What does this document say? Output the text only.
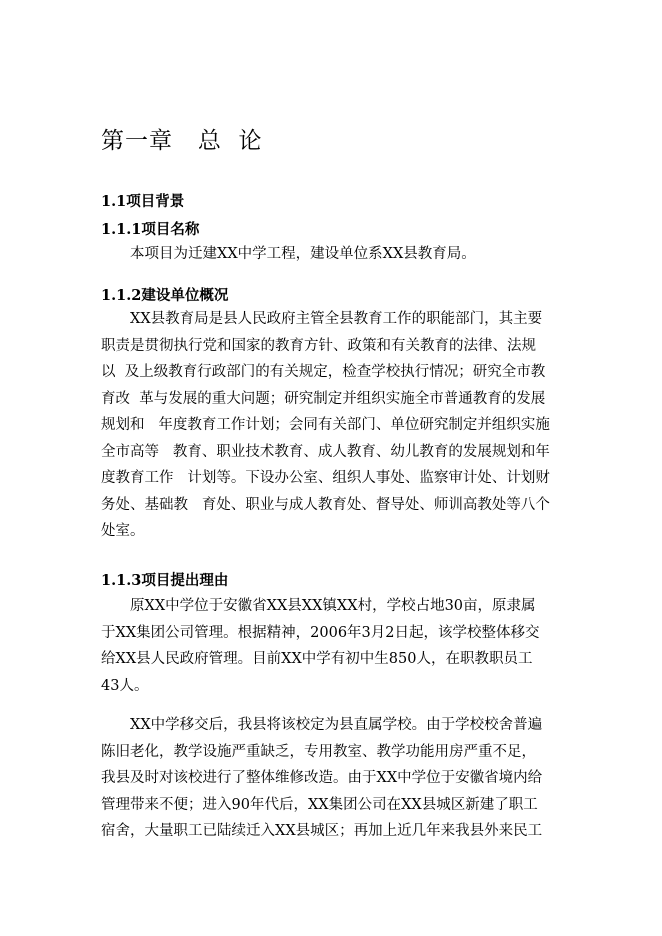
第一章   总  论
1.1项目背景
1.1.1项目名称
本项目为迁建XX中学工程，建设单位系XX县教育局。
1.1.2建设单位概况
XX县教育局是县人民政府主管全县教育工作的职能部门，其主要
职责是贯彻执行党和国家的教育方针、政策和有关教育的法律、法规
以  及上级教育行政部门的有关规定，检查学校执行情况；研究全市教
育改  革与发展的重大问题；研究制定并组织实施全市普通教育的发展
规划和   年度教育工作计划；会同有关部门、单位研究制定并组织实施
全市高等   教育、职业技术教育、成人教育、幼儿教育的发展规划和年
度教育工作   计划等。下设办公室、组织人事处、监察审计处、计划财
务处、基础教   育处、职业与成人教育处、督导处、师训高教处等八个
处室。
1.1.3项目提出理由
原XX中学位于安徽省XX县XX镇XX村，学校占地30亩，原隶属
于XX集团公司管理。根据精神，2006年3月2日起，该学校整体移交
给XX县人民政府管理。目前XX中学有初中生850人，在职教职员工
43人。
XX中学移交后，我县将该校定为县直属学校。由于学校校舍普遍
陈旧老化，教学设施严重缺乏，专用教室、教学功能用房严重不足，
我县及时对该校进行了整体维修改造。由于XX中学位于安徽省境内给
管理带来不便；进入90年代后，XX集团公司在XX县城区新建了职工
宿舍，大量职工已陆续迁入XX县城区；再加上近几年来我县外来民工
